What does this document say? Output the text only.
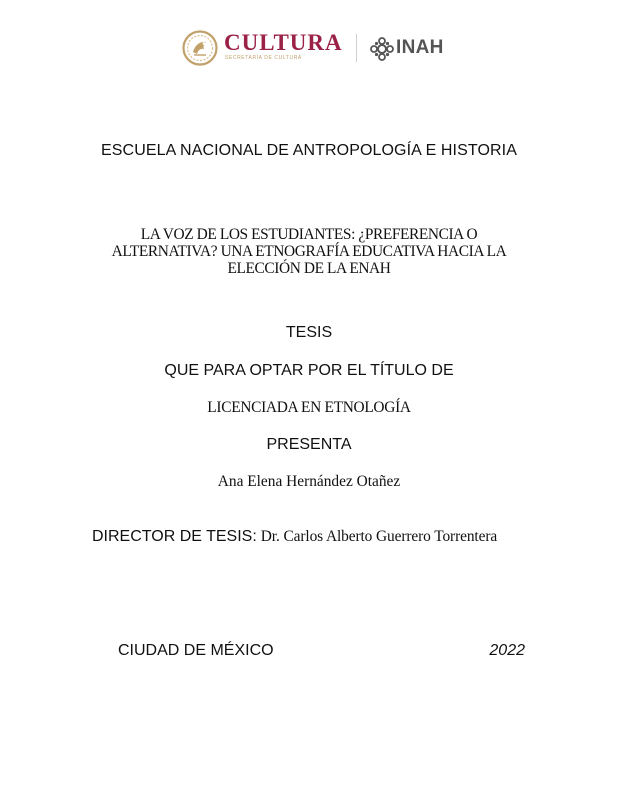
CULTURA
SECRETARÍA DE CULTURA	INAH
ESCUELA NACIONAL DE ANTROPOLOGÍA E HISTORIA
LA VOZ DE LOS ESTUDIANTES: ¿PREFERENCIA O
ALTERNATIVA? UNA ETNOGRAFÍA EDUCATIVA HACIA LA
ELECCIÓN DE LA ENAH
TESIS
QUE PARA OPTAR POR EL TÍTULO DE
LICENCIADA EN ETNOLOGÍA
PRESENTA
Ana Elena Hernández Otañez
DIRECTOR DE TESIS: Dr. Carlos Alberto Guerrero Torrentera
CIUDAD DE MÉXICO	2022
